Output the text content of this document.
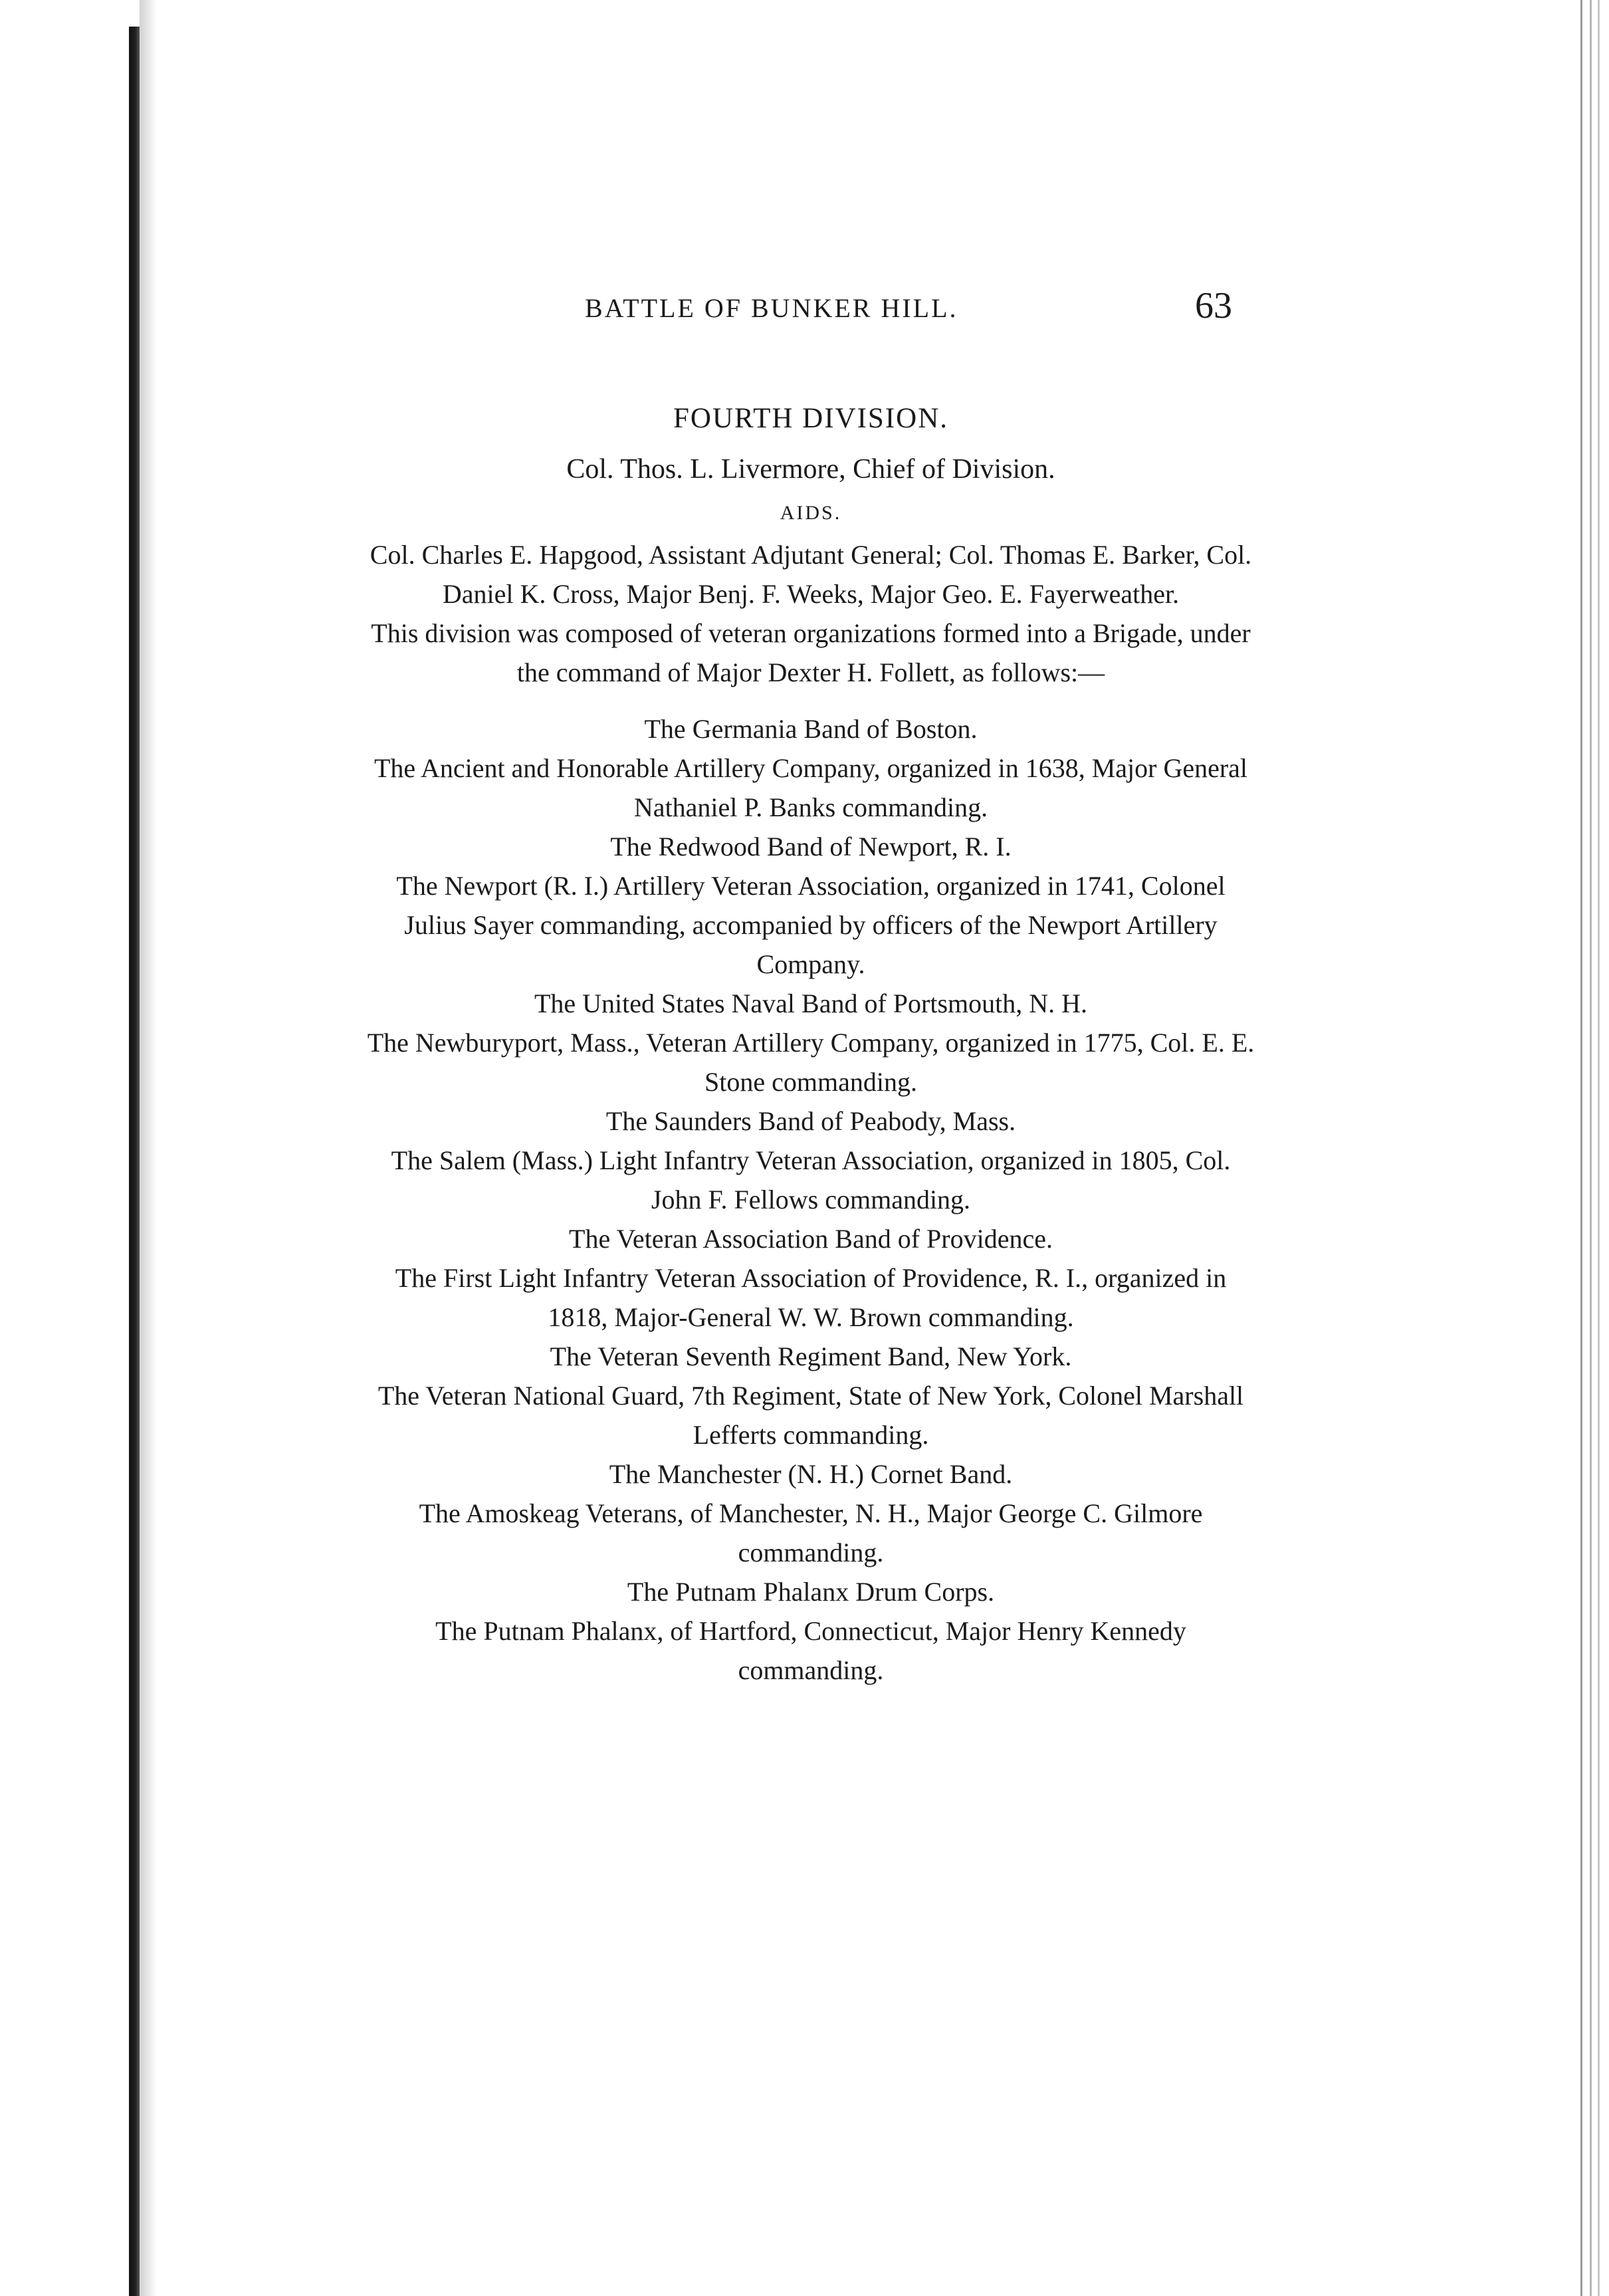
BATTLE OF BUNKER HILL.	63
FOURTH DIVISION.
Col. Thos. L. Livermore, Chief of Division.
AIDS.
Col. Charles E. Hapgood, Assistant Adjutant General; Col. Thomas E. Barker, Col. Daniel K. Cross, Major Benj. F. Weeks, Major Geo. E. Fayerweather.
This division was composed of veteran organizations formed into a Brigade, under the command of Major Dexter H. Follett, as follows:—
The Germania Band of Boston.
The Ancient and Honorable Artillery Company, organized in 1638, Major General Nathaniel P. Banks commanding.
The Redwood Band of Newport, R. I.
The Newport (R. I.) Artillery Veteran Association, organized in 1741, Colonel Julius Sayer commanding, accompanied by officers of the Newport Artillery Company.
The United States Naval Band of Portsmouth, N. H.
The Newburyport, Mass., Veteran Artillery Company, organized in 1775, Col. E. E. Stone commanding.
The Saunders Band of Peabody, Mass.
The Salem (Mass.) Light Infantry Veteran Association, organized in 1805, Col. John F. Fellows commanding.
The Veteran Association Band of Providence.
The First Light Infantry Veteran Association of Providence, R. I., organized in 1818, Major-General W. W. Brown commanding.
The Veteran Seventh Regiment Band, New York.
The Veteran National Guard, 7th Regiment, State of New York, Colonel Marshall Lefferts commanding.
The Manchester (N. H.) Cornet Band.
The Amoskeag Veterans, of Manchester, N. H., Major George C. Gilmore commanding.
The Putnam Phalanx Drum Corps.
The Putnam Phalanx, of Hartford, Connecticut, Major Henry Kennedy commanding.
